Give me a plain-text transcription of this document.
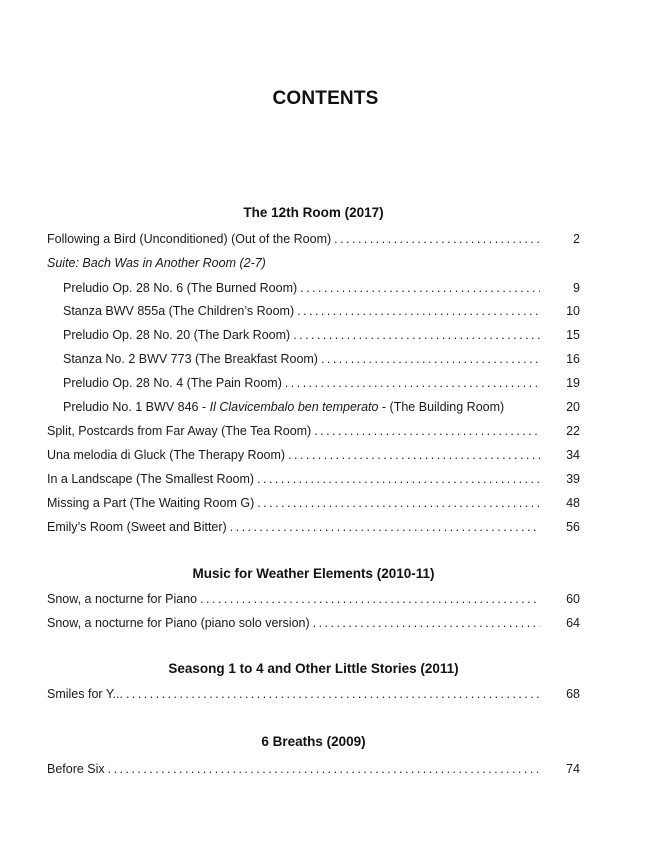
CONTENTS
The 12th Room (2017)
Following a Bird (Unconditioned) (Out of the Room) . . .	2
Suite: Bach Was in Another Room (2-7)
Preludio Op. 28 No. 6 (The Burned Room) . . .	9
Stanza BWV 855a (The Children’s Room) . . .	10
Preludio Op. 28 No. 20 (The Dark Room) . . .	15
Stanza No. 2 BWV 773 (The Breakfast Room) . . .	16
Preludio Op. 28 No. 4 (The Pain Room) . . .	19
Preludio No. 1 BWV 846 - Il Clavicembalo ben temperato - (The Building Room)	20
Split, Postcards from Far Away (The Tea Room) . . .	22
Una melodia di Gluck (The Therapy Room) . . .	34
In a Landscape (The Smallest Room) . . .	39
Missing a Part (The Waiting Room G) . . .	48
Emily’s Room (Sweet and Bitter) . . .	56
Music for Weather Elements (2010-11)
Snow, a nocturne for Piano . . .	60
Snow, a nocturne for Piano (piano solo version) . . .	64
Seasong 1 to 4 and Other Little Stories (2011)
Smiles for Y... . . .	68
6 Breaths (2009)
Before Six . . .	74
